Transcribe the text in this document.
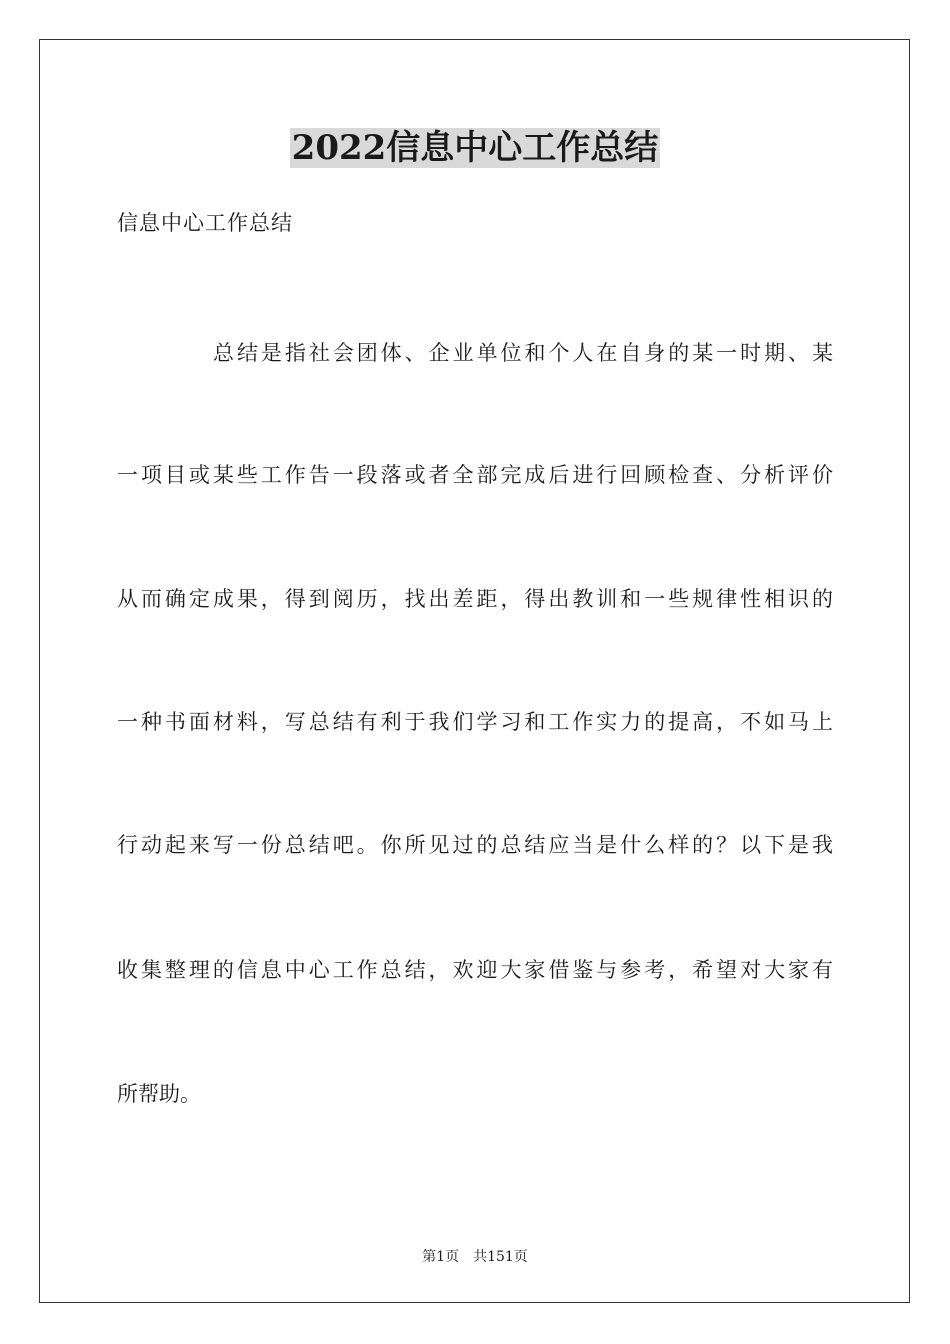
2022信息中心工作总结

信息中心工作总结

总结是指社会团体、企业单位和个人在自身的某一时期、某

一项目或某些工作告一段落或者全部完成后进行回顾检查、分析评价

从而确定成果，得到阅历，找出差距，得出教训和一些规律性相识的

一种书面材料，写总结有利于我们学习和工作实力的提高，不如马上

行动起来写一份总结吧。你所见过的总结应当是什么样的？以下是我

收集整理的信息中心工作总结，欢迎大家借鉴与参考，希望对大家有

所帮助。

第1页　共151页
